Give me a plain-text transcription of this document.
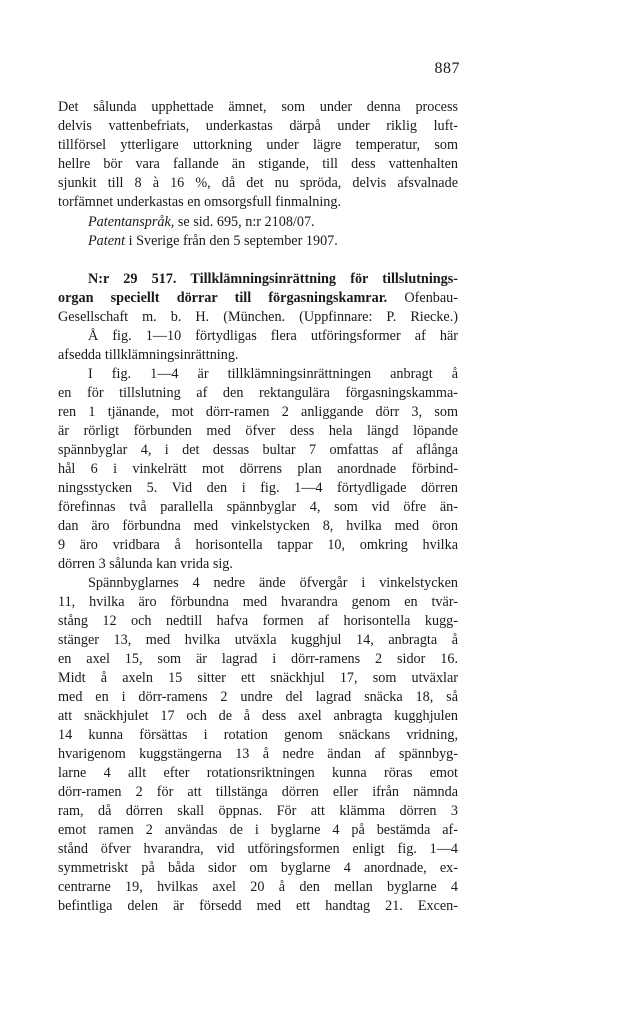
887
Det sålunda upphettade ämnet, som under denna process
delvis vattenbefriats, underkastas därpå under riklig luft-
tillförsel ytterligare uttorkning under lägre temperatur, som
hellre bör vara fallande än stigande, till dess vattenhalten
sjunkit till 8 à 16 %, då det nu spröda, delvis afsvalnade
torfämnet underkastas en omsorgsfull finmalning.
Patentanspråk, se sid. 695, n:r 2108/07.
Patent i Sverige från den 5 september 1907.
N:r 29 517. Tillklämningsinrättning för tillslutnings-
organ speciellt dörrar till förgasningskamrar. Ofenbau-
Gesellschaft m. b. H. (München. (Uppfinnare: P. Riecke.)
Å fig. 1—10 förtydligas flera utföringsformer af här
afsedda tillklämningsinrättning.
I fig. 1—4 är tillklämningsinrättningen anbragt å
en för tillslutning af den rektangulära förgasningskamma-
ren 1 tjänande, mot dörr-ramen 2 anliggande dörr 3, som
är rörligt förbunden med öfver dess hela längd löpande
spännbyglar 4, i det dessas bultar 7 omfattas af aflånga
hål 6 i vinkelrätt mot dörrens plan anordnade förbind-
ningsstycken 5. Vid den i fig. 1—4 förtydligade dörren
förefinnas två parallella spännbyglar 4, som vid öfre än-
dan äro förbundna med vinkelstycken 8, hvilka med öron
9 äro vridbara å horisontella tappar 10, omkring hvilka
dörren 3 sålunda kan vrida sig.
Spännbyglarnes 4 nedre ände öfvergår i vinkelstycken
11, hvilka äro förbundna med hvarandra genom en tvär-
stång 12 och nedtill hafva formen af horisontella kugg-
stänger 13, med hvilka utväxla kugghjul 14, anbragta å
en axel 15, som är lagrad i dörr-ramens 2 sidor 16.
Midt å axeln 15 sitter ett snäckhjul 17, som utväxlar
med en i dörr-ramens 2 undre del lagrad snäcka 18, så
att snäckhjulet 17 och de å dess axel anbragta kugghjulen
14 kunna försättas i rotation genom snäckans vridning,
hvarigenom kuggstängerna 13 å nedre ändan af spännbyg-
larne 4 allt efter rotationsriktningen kunna röras emot
dörr-ramen 2 för att tillstänga dörren eller ifrån nämnda
ram, då dörren skall öppnas. För att klämma dörren 3
emot ramen 2 användas de i byglarne 4 på bestämda af-
stånd öfver hvarandra, vid utföringsformen enligt fig. 1—4
symmetriskt på båda sidor om byglarne 4 anordnade, ex-
centrarne 19, hvilkas axel 20 å den mellan byglarne 4
befintliga delen är försedd med ett handtag 21. Excen-
